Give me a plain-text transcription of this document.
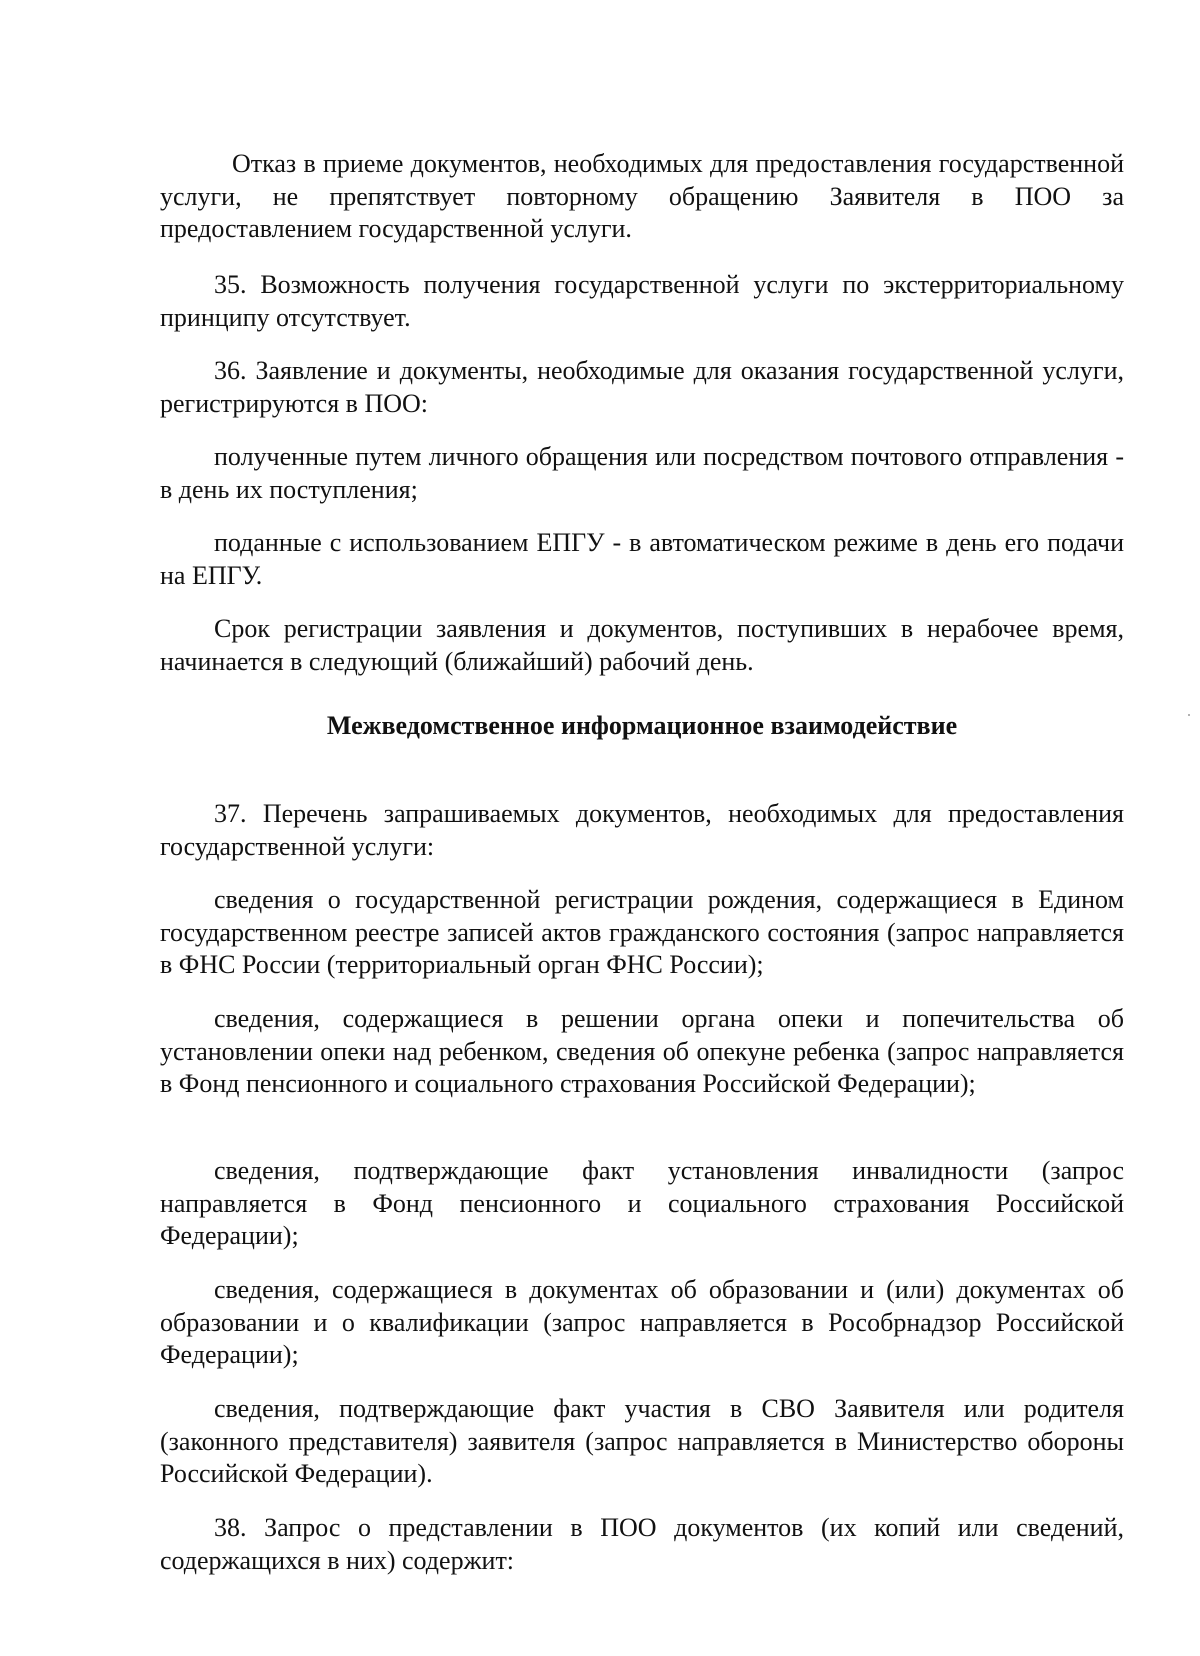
Отказ в приеме документов, необходимых для предоставления государственной услуги, не препятствует повторному обращению Заявителя в ПОО за предоставлением государственной услуги.

35. Возможность получения государственной услуги по экстерриториальному принципу отсутствует.

36. Заявление и документы, необходимые для оказания государственной услуги, регистрируются в ПОО:

полученные путем личного обращения или посредством почтового отправления - в день их поступления;

поданные с использованием ЕПГУ - в автоматическом режиме в день его подачи на ЕПГУ.

Срок регистрации заявления и документов, поступивших в нерабочее время, начинается в следующий (ближайший) рабочий день.

Межведомственное информационное взаимодействие

37. Перечень запрашиваемых документов, необходимых для предоставления государственной услуги:

сведения о государственной регистрации рождения, содержащиеся в Едином государственном реестре записей актов гражданского состояния (запрос направляется в ФНС России (территориальный орган ФНС России);

сведения, содержащиеся в решении органа опеки и попечительства об установлении опеки над ребенком, сведения об опекуне ребенка (запрос направляется в Фонд пенсионного и социального страхования Российской Федерации);

сведения, подтверждающие факт установления инвалидности (запрос направляется в Фонд пенсионного и социального страхования Российской Федерации);

сведения, содержащиеся в документах об образовании и (или) документах об образовании и о квалификации (запрос направляется в Рособрнадзор Российской Федерации);

сведения, подтверждающие факт участия в СВО Заявителя или родителя (законного представителя) заявителя (запрос направляется в Министерство обороны Российской Федерации).

38. Запрос о представлении в ПОО документов (их копий или сведений, содержащихся в них) содержит:
